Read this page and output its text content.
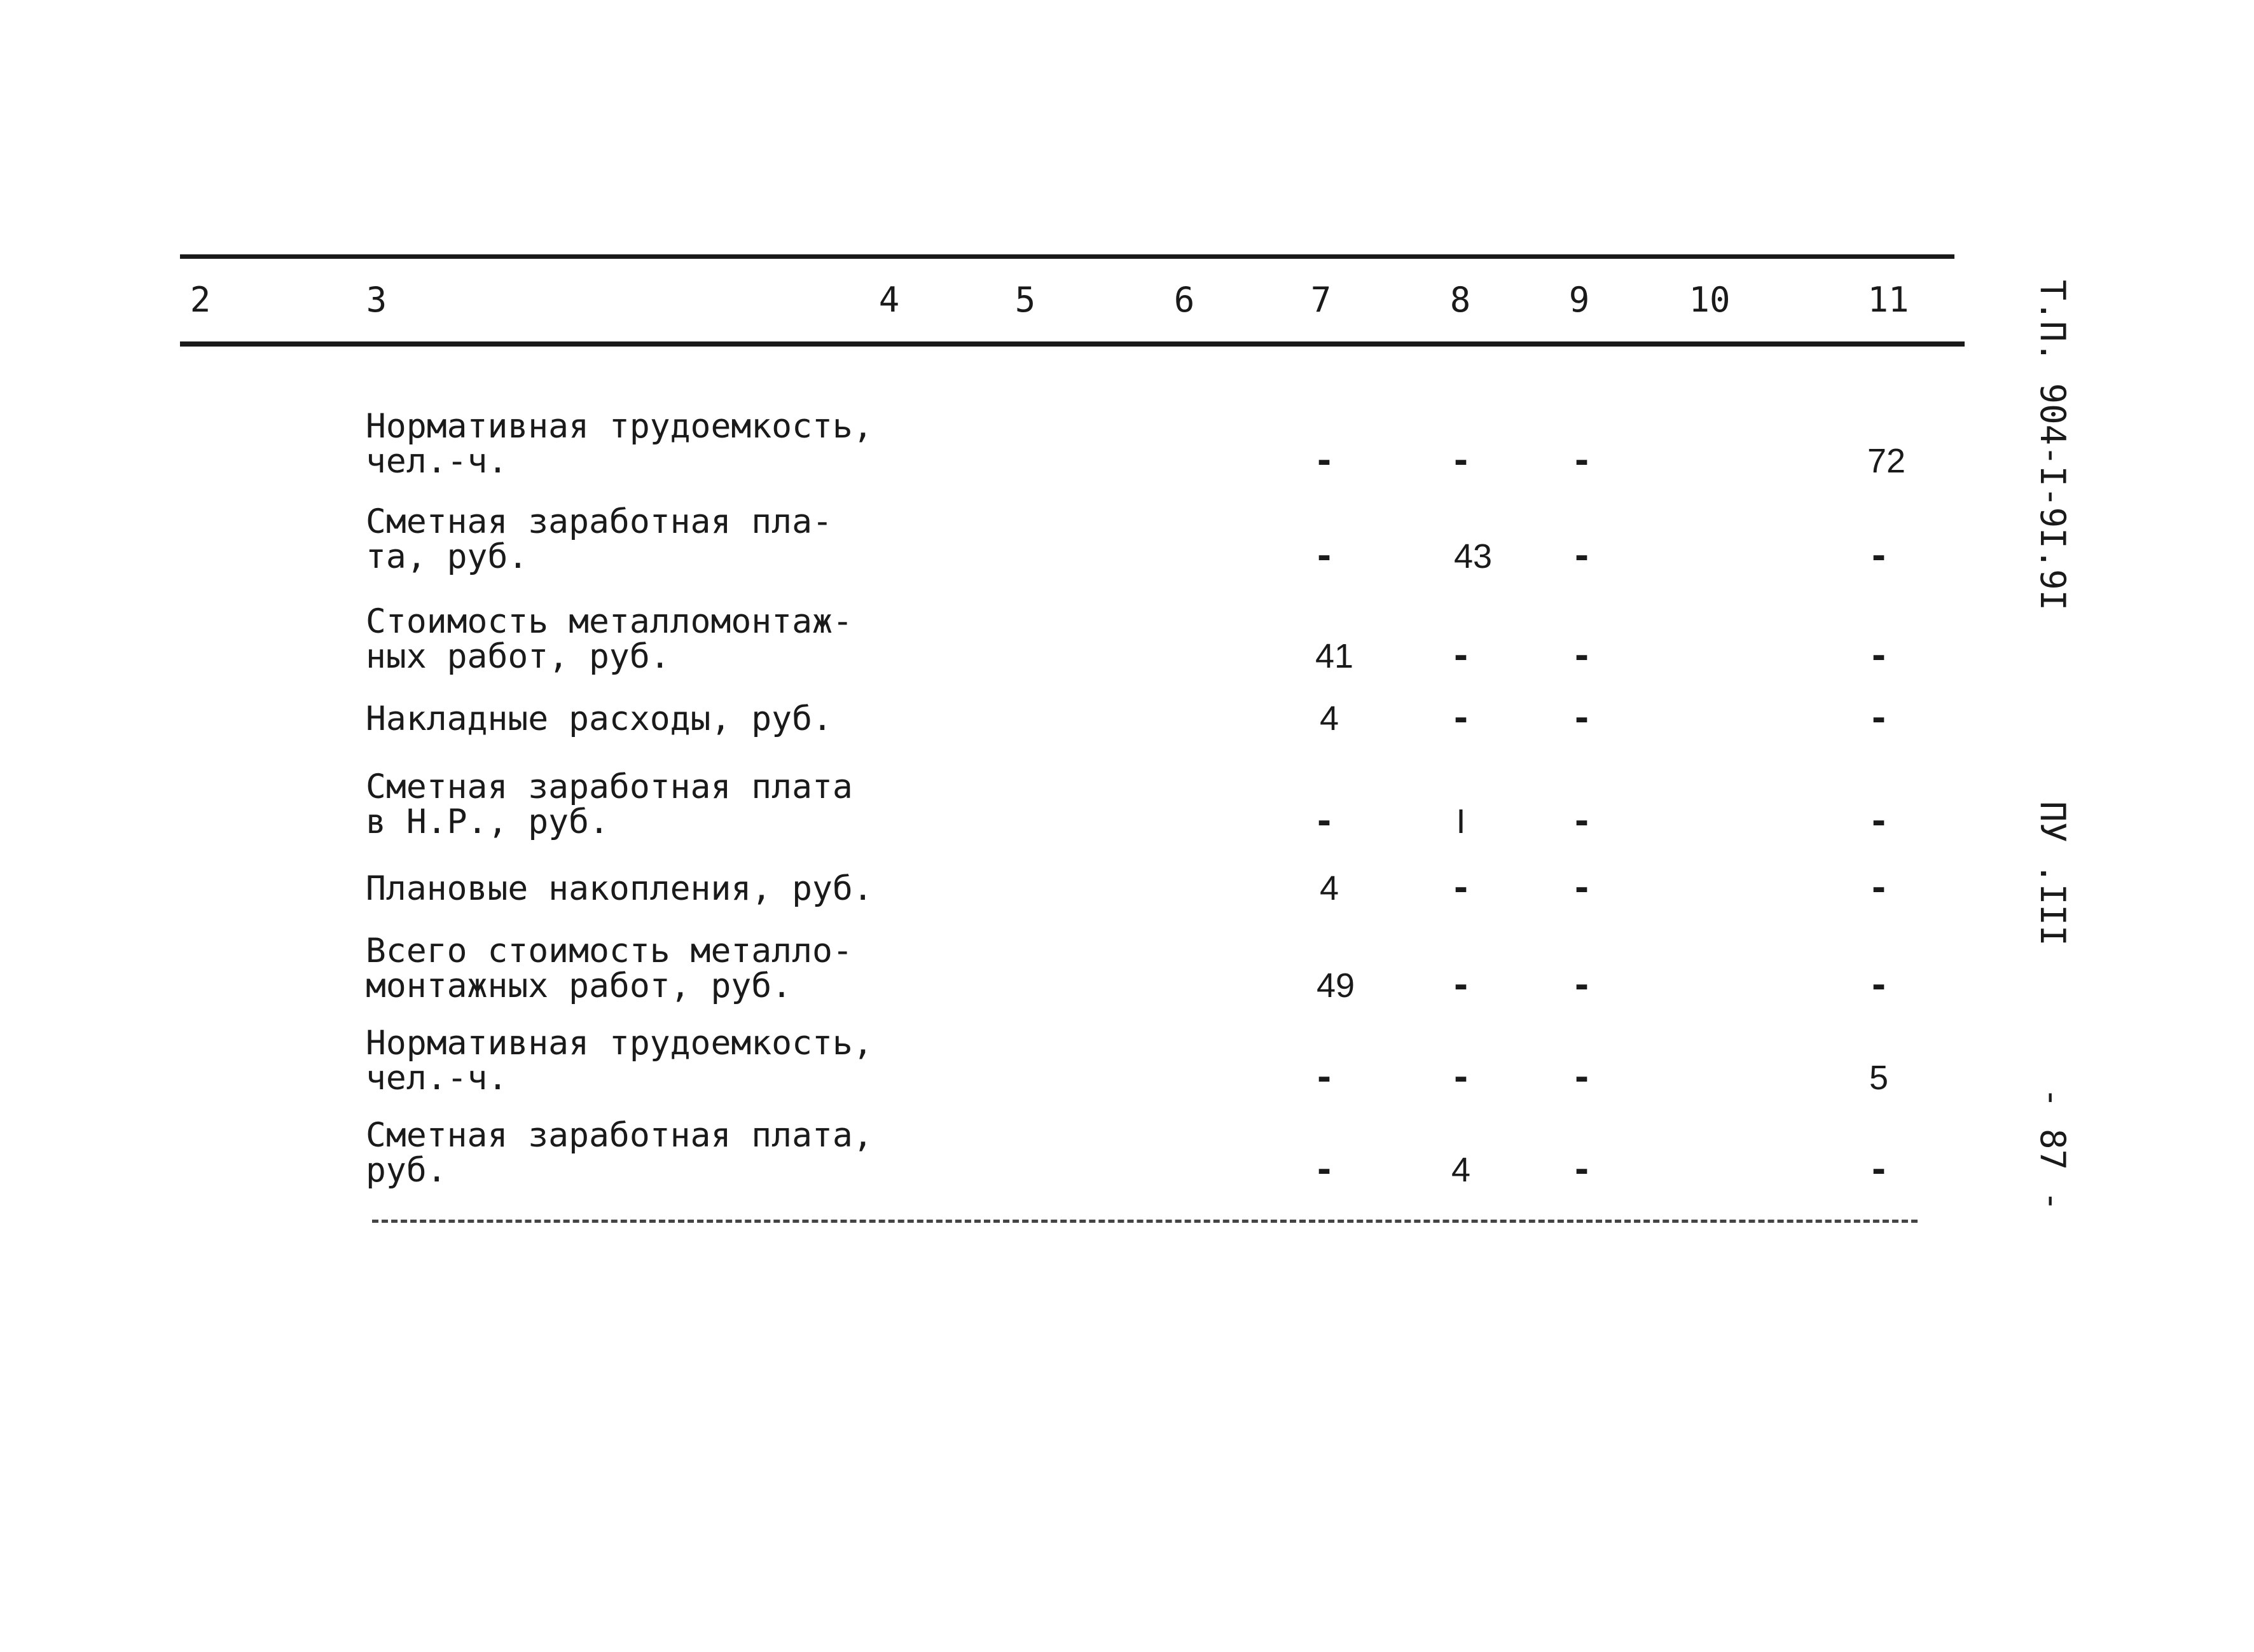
2	3	4	5	6	7	8	9	10	11
Нормативная трудоемкость,
чел.-ч.	-	-	-	72
Сметная заработная пла-
та, руб.	-	43	-	-
Стоимость металломонтаж-
ных работ, руб.	41	-	-	-
Накладные расходы, руб.	4	-	-	-
Сметная заработная плата
в Н.Р., руб.	-	I	-	-
Плановые накопления, руб.	4	-	-	-
Всего стоимость металло-
монтажных работ, руб.	49	-	-	-
Нормативная трудоемкость,
чел.-ч.	-	-	-	5
Сметная заработная плата,
руб.	-	4	-	-
Т.П. 904-I-9I.9I
ПУ .III
- 87 -
